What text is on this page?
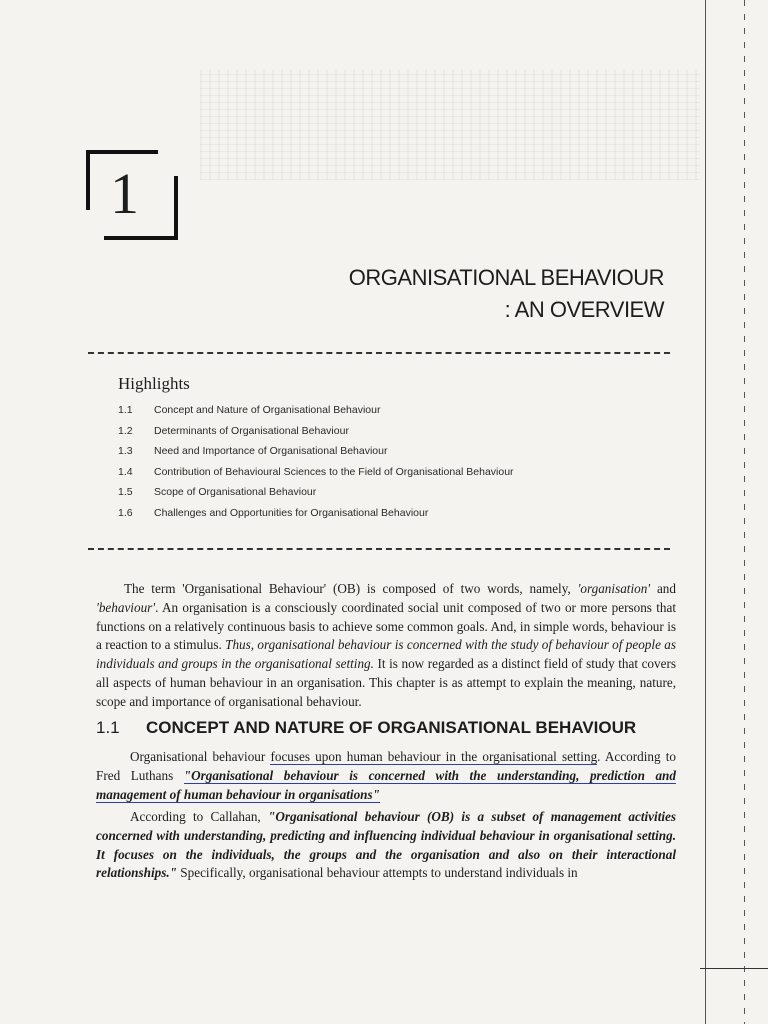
1
ORGANISATIONAL BEHAVIOUR
: AN OVERVIEW
Highlights
1.1	Concept and Nature of Organisational Behaviour
1.2	Determinants of Organisational Behaviour
1.3	Need and Importance of Organisational Behaviour
1.4	Contribution of Behavioural Sciences to the Field of Organisational Behaviour
1.5	Scope of Organisational Behaviour
1.6	Challenges and Opportunities for Organisational Behaviour

The term 'Organisational Behaviour' (OB) is composed of two words, namely, 'organisation' and 'behaviour'. An organisation is a consciously coordinated social unit composed of two or more persons that functions on a relatively continuous basis to achieve some common goals. And, in simple words, behaviour is a reaction to a stimulus. Thus, organisational behaviour is concerned with the study of behaviour of people as individuals and groups in the organisational setting. It is now regarded as a distinct field of study that covers all aspects of human behaviour in an organisation. This chapter is as attempt to explain the meaning, nature, scope and importance of organisational behaviour.

1.1 CONCEPT AND NATURE OF ORGANISATIONAL BEHAVIOUR

Organisational behaviour focuses upon human behaviour in the organisational setting. According to Fred Luthans "Organisational behaviour is concerned with the understanding, prediction and management of human behaviour in organisations"

According to Callahan, "Organisational behaviour (OB) is a subset of management activities concerned with understanding, predicting and influencing individual behaviour in organisational setting. It focuses on the individuals, the groups and the organisation and also on their interactional relationships." Specifically, organisational behaviour attempts to understand individuals in
